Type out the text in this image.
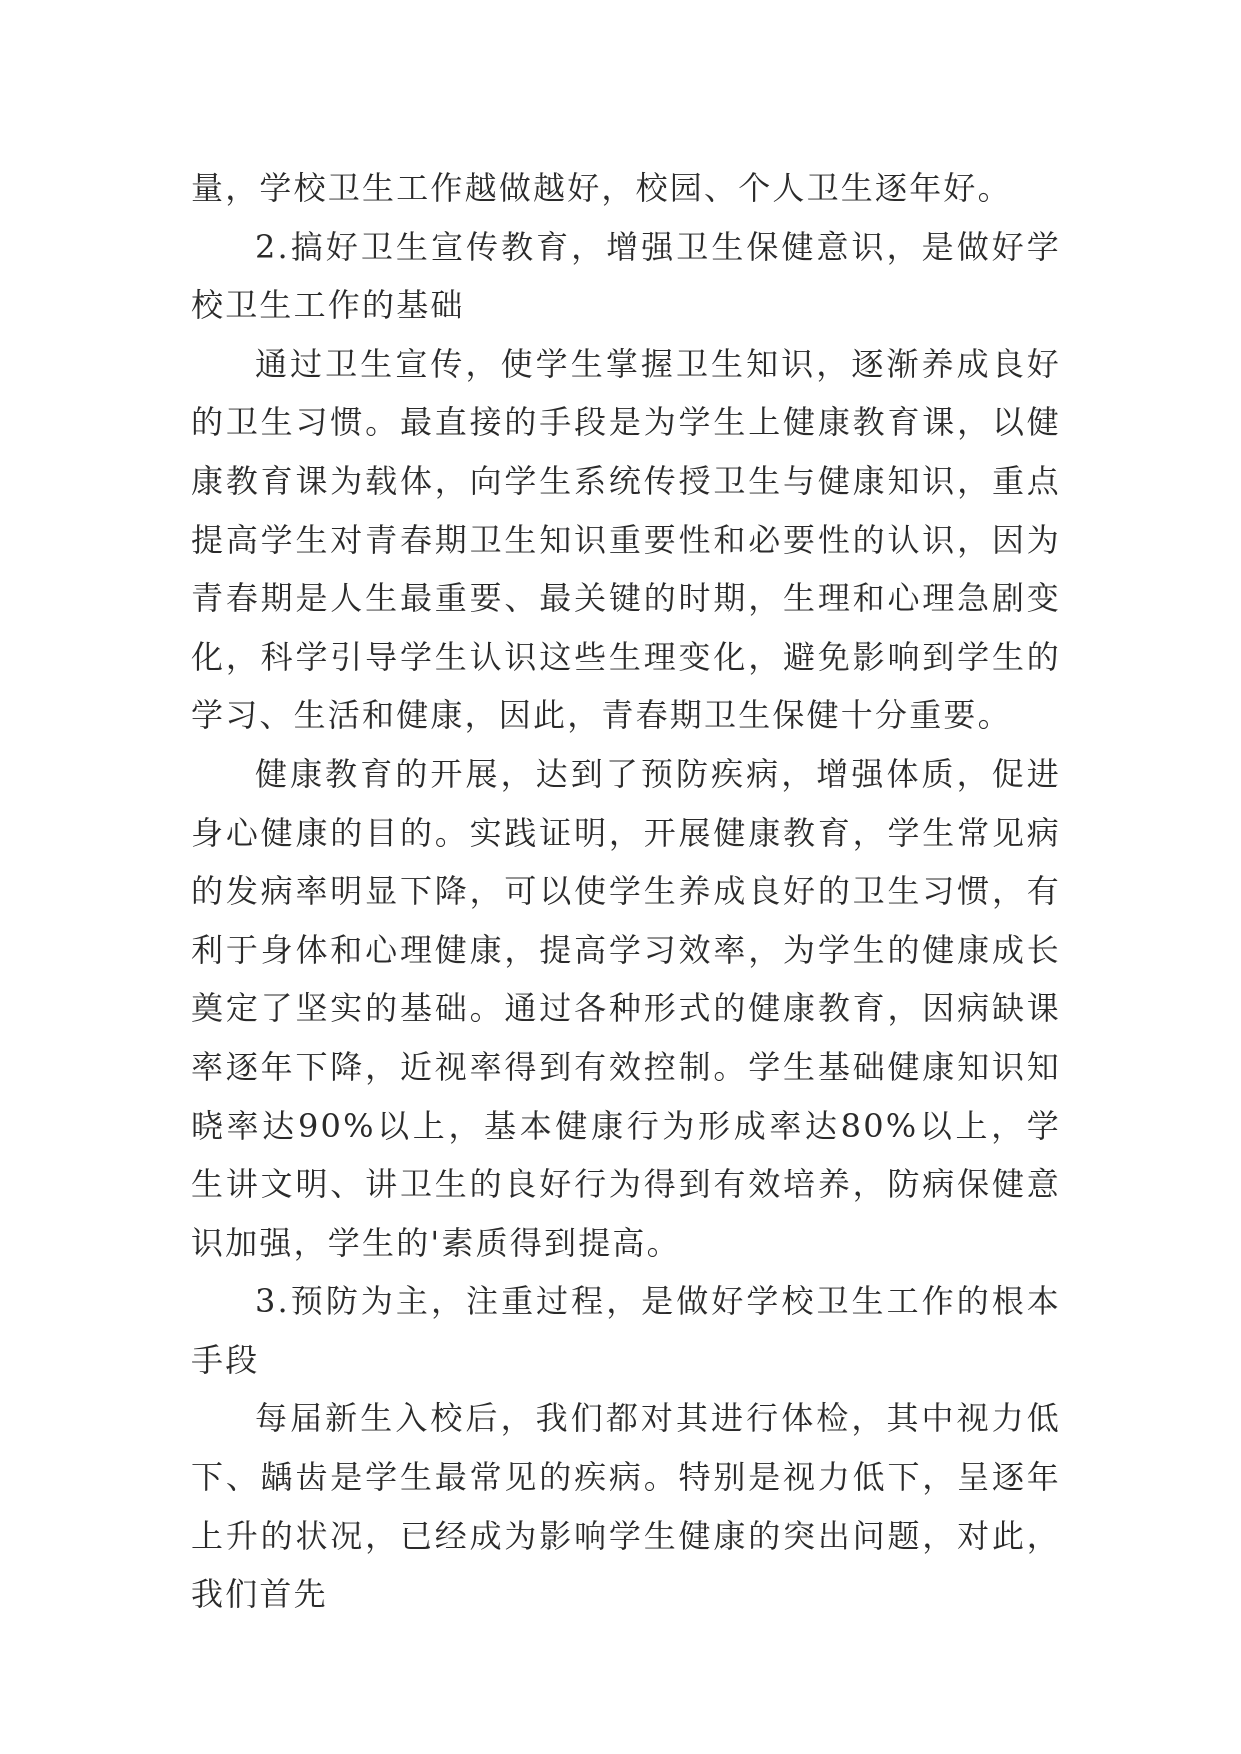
量，学校卫生工作越做越好，校园、个人卫生逐年好。

2.搞好卫生宣传教育，增强卫生保健意识，是做好学校卫生工作的基础

通过卫生宣传，使学生掌握卫生知识，逐渐养成良好的卫生习惯。最直接的手段是为学生上健康教育课，以健康教育课为载体，向学生系统传授卫生与健康知识，重点提高学生对青春期卫生知识重要性和必要性的认识，因为青春期是人生最重要、最关键的时期，生理和心理急剧变化，科学引导学生认识这些生理变化，避免影响到学生的学习、生活和健康，因此，青春期卫生保健十分重要。

健康教育的开展，达到了预防疾病，增强体质，促进身心健康的目的。实践证明，开展健康教育，学生常见病的发病率明显下降，可以使学生养成良好的卫生习惯，有利于身体和心理健康，提高学习效率，为学生的健康成长奠定了坚实的基础。通过各种形式的健康教育，因病缺课率逐年下降，近视率得到有效控制。学生基础健康知识知晓率达90%以上，基本健康行为形成率达80%以上，学生讲文明、讲卫生的良好行为得到有效培养，防病保健意识加强，学生的'素质得到提高。

3.预防为主，注重过程，是做好学校卫生工作的根本手段

每届新生入校后，我们都对其进行体检，其中视力低下、龋齿是学生最常见的疾病。特别是视力低下，呈逐年上升的状况，已经成为影响学生健康的突出问题，对此，我们首先
